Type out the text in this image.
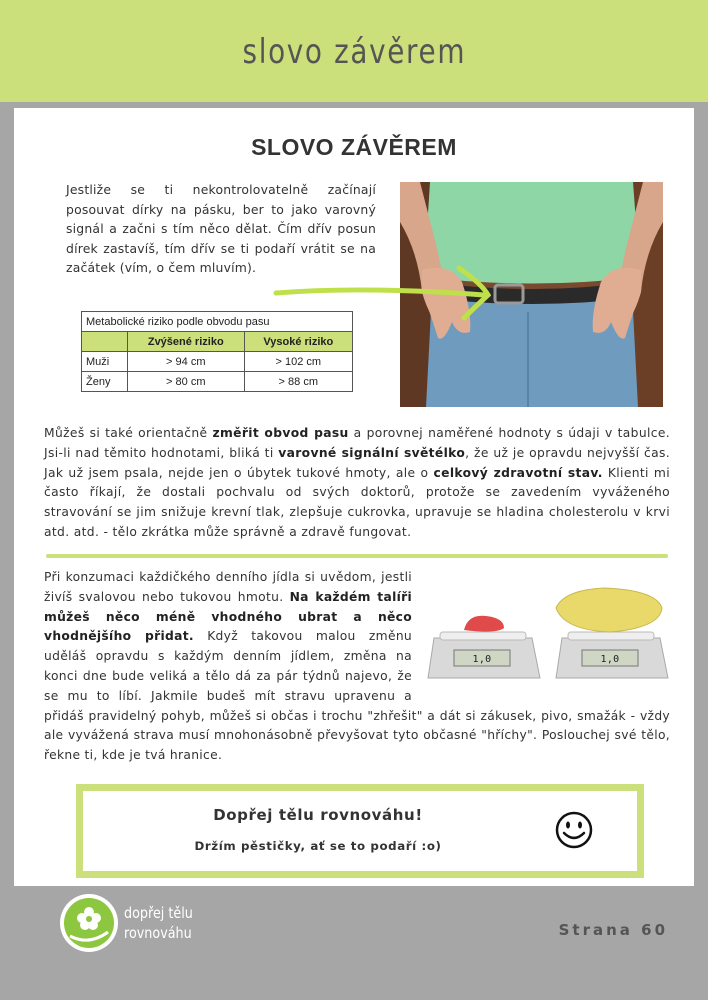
slovo závěrem
SLOVO ZÁVĚREM

Jestliže se ti nekontrolovatelně začínají posouvat dírky na pásku, ber to jako varovný signál a začni s tím něco dělat. Čím dřív posun dírek zastavíš, tím dřív se ti podaří vrátit se na začátek (vím, o čem mluvím).

Metabolické riziko podle obvodu pasu		
	Zvýšené riziko	Vysoké riziko
Muži	> 94 cm	> 102 cm
Ženy	> 80 cm	> 88 cm

Můžeš si také orientačně změřit obvod pasu a porovnej naměřené hodnoty s údaji v tabulce. Jsi-li nad těmito hodnotami, bliká ti varovné signální světélko, že už je opravdu nejvyšší čas. Jak už jsem psala, nejde jen o úbytek tukové hmoty, ale o celkový zdravotní stav. Klienti mi často říkají, že dostali pochvalu od svých doktorů, protože se zavedením vyváženého stravování se jim snižuje krevní tlak, zlepšuje cukrovka, upravuje se hladina cholesterolu v krvi atd. atd. - tělo zkrátka může správně a zdravě fungovat.

1,0	1,0
Při konzumaci každičkého denního jídla si uvědom, jestli živíš svalovou nebo tukovou hmotu. Na každém talíři můžeš něco méně vhodného ubrat a něco vhodnějšího přidat. Když takovou malou změnu uděláš opravdu s každým denním jídlem, změna na konci dne bude veliká a tělo dá za pár týdnů najevo, že se mu to líbí. Jakmile budeš mít stravu upravenu a přidáš pravidelný pohyb, můžeš si občas i trochu "zhřešit" a dát si zákusek, pivo, smažák - vždy ale vyvážená strava musí mnohonásobně převyšovat tyto občasné "hříchy". Poslouchej své tělo, řekne ti, kde je tvá hranice.
Dopřej tělu rovnováhu!
Držím pěstičky, ať se to podaří :o)
dopřej tělu
rovnováhu	Strana 60
